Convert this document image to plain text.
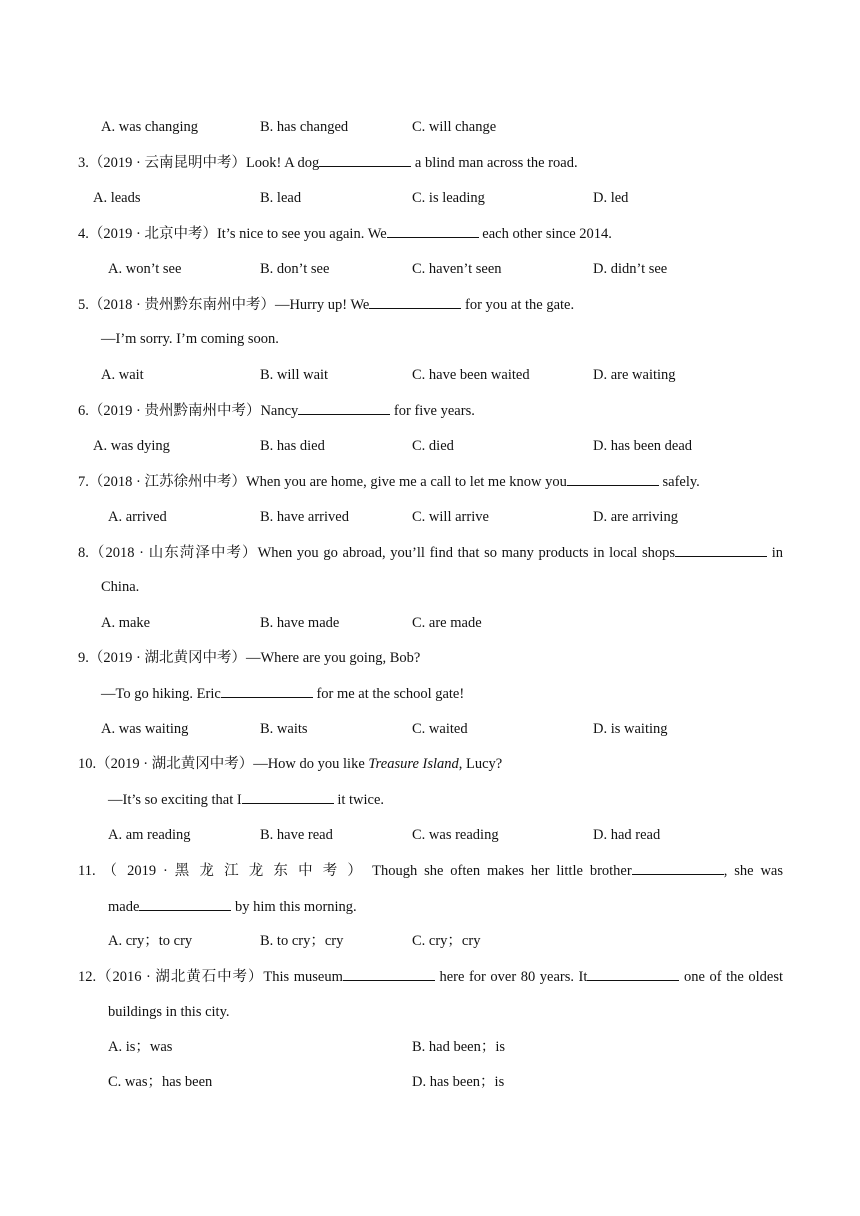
A. was changing	B. has changed	C. will change
3.（2019 · 云南昆明中考）Look! A dog	a blind man across the road.
A. leads	B. lead	C. is leading	D. led
4.（2019 · 北京中考）It’s nice to see you again. We	each other since 2014.
A. won’t see	B. don’t see	C. haven’t seen	D. didn’t see
5.（2018 · 贵州黔东南州中考）—Hurry up! We	for you at the gate.
—I’m sorry. I’m coming soon.
A. wait	B. will wait	C. have been waited	D. are waiting
6.（2019 · 贵州黔南州中考）Nancy	for five years.
A. was dying	B. has died	C. died	D. has been dead
7.（2018 · 江苏徐州中考）When you are home, give me a call to let me know you	safely.
A. arrived	B. have arrived	C. will arrive	D. are arriving
8.（2018 · 山东菏泽中考）When you go abroad, you’ll find that so many products in local shops	in
China.
A. make	B. have made	C. are made
9.（2019 · 湖北黄冈中考）—Where are you going, Bob?
—To go hiking. Eric	for me at the school gate!
A. was waiting	B. waits	C. waited	D. is waiting
10.（2019 · 湖北黄冈中考）—How do you like Treasure Island, Lucy?
—It’s so exciting that I	it twice.
A. am reading	B. have read	C. was reading	D. had read
11. （ 2019 · 黑 龙 江 龙 东 中 考 ） Though she often makes her little brother	, she was
made	by him this morning.
A. cry；to cry	B. to cry；cry	C. cry；cry
12.（2016 · 湖北黄石中考）This museum	here for over 80 years. It	one of the oldest
buildings in this city.
A. is；was	B. had been；is
C. was；has been	D. has been；is
